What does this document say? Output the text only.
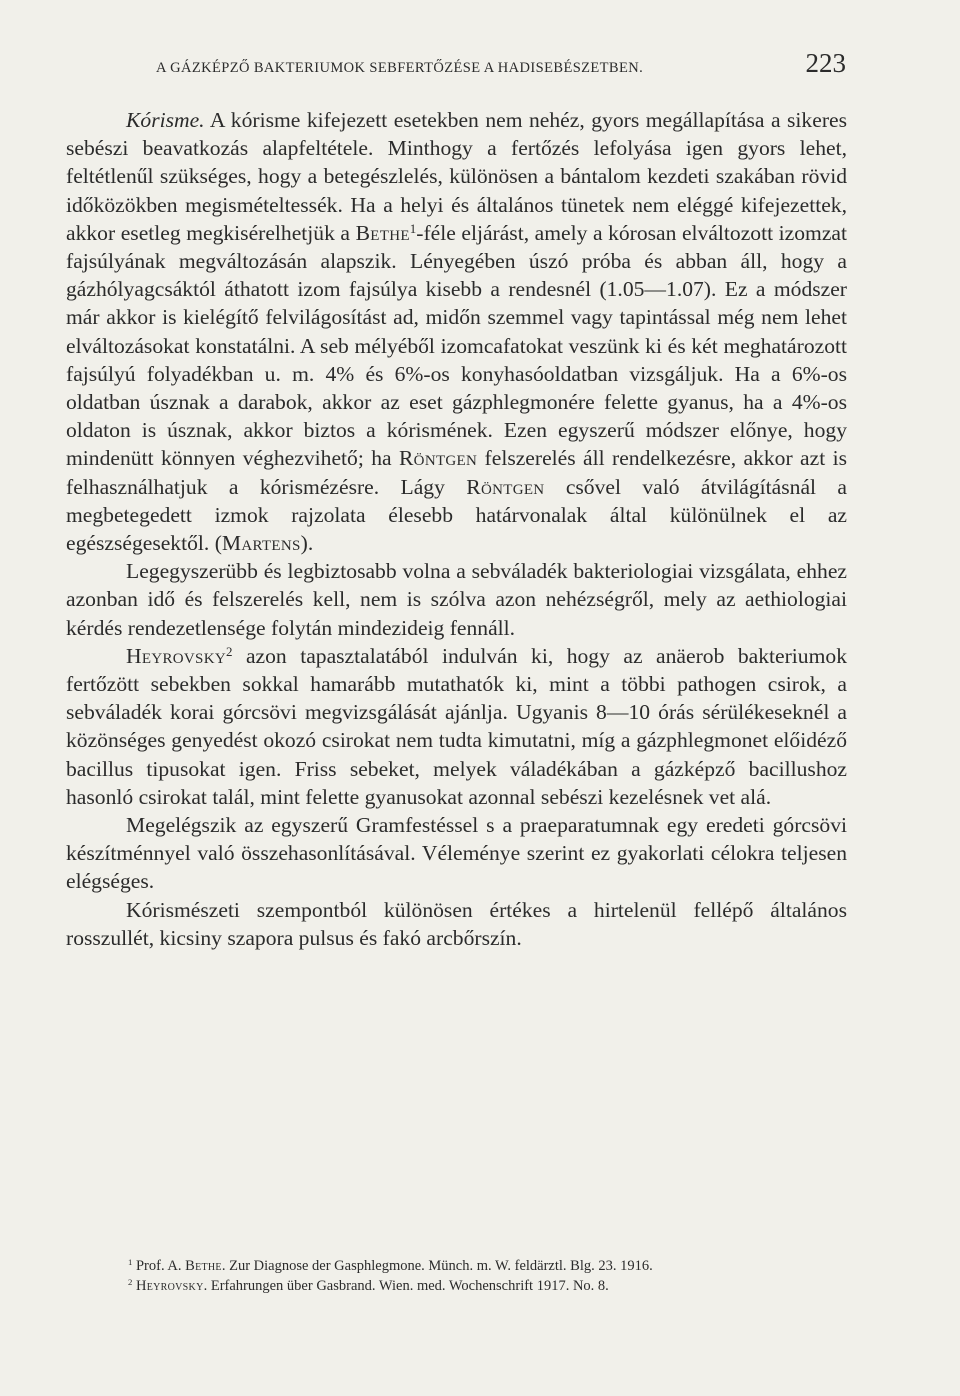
A GÁZKÉPZŐ BAKTERIUMOK SEBFERTŐZÉSE A HADISEBÉSZETBEN.	223

Kórisme. A kórisme kifejezett esetekben nem nehéz, gyors megállapítása a sikeres sebészi beavatkozás alapfeltétele. Minthogy a fertőzés lefolyása igen gyors lehet, feltétlenűl szükséges, hogy a betegészlelés, különösen a bántalom kezdeti szakában rövid időközökben megismételtessék. Ha a helyi és általános tünetek nem eléggé kifejezettek, akkor esetleg megkisérelhetjük a Bethe$^1$-féle eljárást, amely a kórosan elváltozott izomzat fajsúlyának megváltozásán alapszik. Lényegében úszó próba és abban áll, hogy a gázhólyagcsáktól áthatott izom fajsúlya kisebb a rendesnél (1.05—1.07). Ez a módszer már akkor is kielégítő felvilágosítást ad, midőn szemmel vagy tapintással még nem lehet elváltozásokat konstatálni. A seb mélyéből izomcafatokat veszünk ki és két meghatározott fajsúlyú folyadékban u. m. 4% és 6%-os konyhasóoldatban vizsgáljuk. Ha a 6%-os oldatban úsznak a darabok, akkor az eset gázphlegmonére felette gyanus, ha a 4%-os oldaton is úsznak, akkor biztos a kórismének. Ezen egyszerű módszer előnye, hogy mindenütt könnyen véghezvihető; ha Röntgen felszerelés áll rendelkezésre, akkor azt is felhasználhatjuk a kórismézésre. Lágy Röntgen csővel való átvilágításnál a megbetegedett izmok rajzolata élesebb határvonalak által különülnek el az egészségesektől. (Martens).

Legegyszerübb és legbiztosabb volna a sebváladék bakteriologiai vizsgálata, ehhez azonban idő és felszerelés kell, nem is szólva azon nehézségről, mely az aethiologiai kérdés rendezetlensége folytán mindezideig fennáll.

Heyrovsky$^2$ azon tapasztalatából indulván ki, hogy az anäerob bakteriumok fertőzött sebekben sokkal hamarább mutathatók ki, mint a többi pathogen csirok, a sebváladék korai górcsövi megvizsgálását ajánlja. Ugyanis 8—10 órás sérülékeseknél a közönséges genyedést okozó csirokat nem tudta kimutatni, míg a gázphlegmonet előidéző bacillus tipusokat igen. Friss sebeket, melyek váladékában a gázképző bacillushoz hasonló csirokat talál, mint felette gyanusokat azonnal sebészi kezelésnek vet alá.

Megelégszik az egyszerű Gramfestéssel s a praeparatumnak egy eredeti górcsövi készítménnyel való összehasonlításával. Véleménye szerint ez gyakorlati célokra teljesen elégséges.

Kórismészeti szempontból különösen értékes a hirtelenül fellépő általános rosszullét, kicsiny szapora pulsus és fakó arcbőrszín.

$^1$ Prof. A. Bethe. Zur Diagnose der Gasphlegmone. Münch. m. W. feldärztl. Blg. 23. 1916.

$^2$ Heyrovsky. Erfahrungen über Gasbrand. Wien. med. Wochenschrift 1917. No. 8.
